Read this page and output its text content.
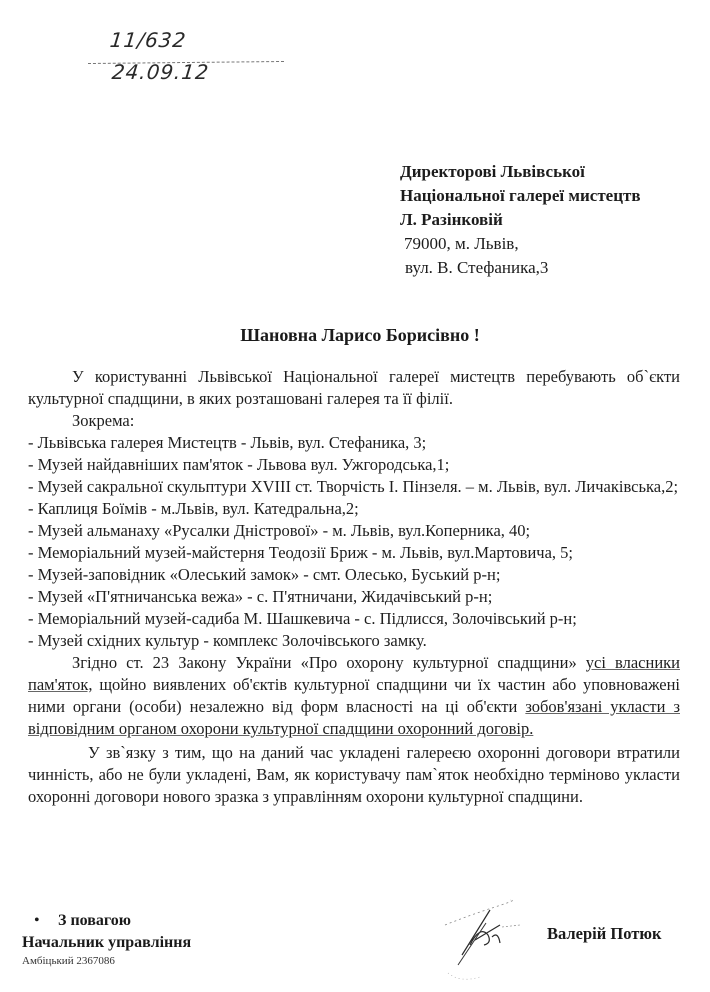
11/632
24.09.12
Директорові Львівської
Національної галереї мистецтв
Л. Разінковій
79000, м. Львів,
вул. В. Стефаника,3
Шановна Ларисо Борисівно !
У користуванні Львівської Національної галереї мистецтв перебувають об`єкти культурної спадщини, в яких розташовані галерея та її філії.
Зокрема:
- Львівська галерея Мистецтв - Львів, вул. Стефаника, 3;
- Музей найдавніших пам'яток - Львова вул. Ужгородська,1;
- Музей сакральної скульптури XVIII ст. Творчість І. Пінзеля. – м. Львів, вул. Личаківська,2;
- Каплиця Боїмів - м.Львів, вул. Катедральна,2;
- Музей альманаху «Русалки Дністрової» - м. Львів, вул.Коперника, 40;
- Меморіальний музей-майстерня Теодозії Бриж - м. Львів, вул.Мартовича, 5;
- Музей-заповідник «Олеський замок» - смт. Олесько, Буський р-н;
- Музей «П'ятничанська вежа» - с. П'ятничани, Жидачівський р-н;
- Меморіальний музей-садиба М. Шашкевича - с. Підлисся, Золочівський р-н;
- Музей східних культур - комплекс Золочівського замку.
Згідно ст. 23 Закону України «Про охорону культурної спадщини» усі власники пам'яток, щойно виявлених об'єктів культурної спадщини чи їх частин або уповноважені ними органи (особи) незалежно від форм власності на ці об'єкти зобов'язані укласти з відповідним органом охорони культурної спадщини охоронний договір.
У зв`язку з тим, що на даний час укладені галереєю охоронні договори втратили чинність, або не були укладені, Вам, як користувачу пам`яток необхідно терміново укласти охоронні договори нового зразка з управлінням охорони культурної спадщини.
• З повагою
Начальник управління
Амбіцький 2367086
Валерій Потюк
